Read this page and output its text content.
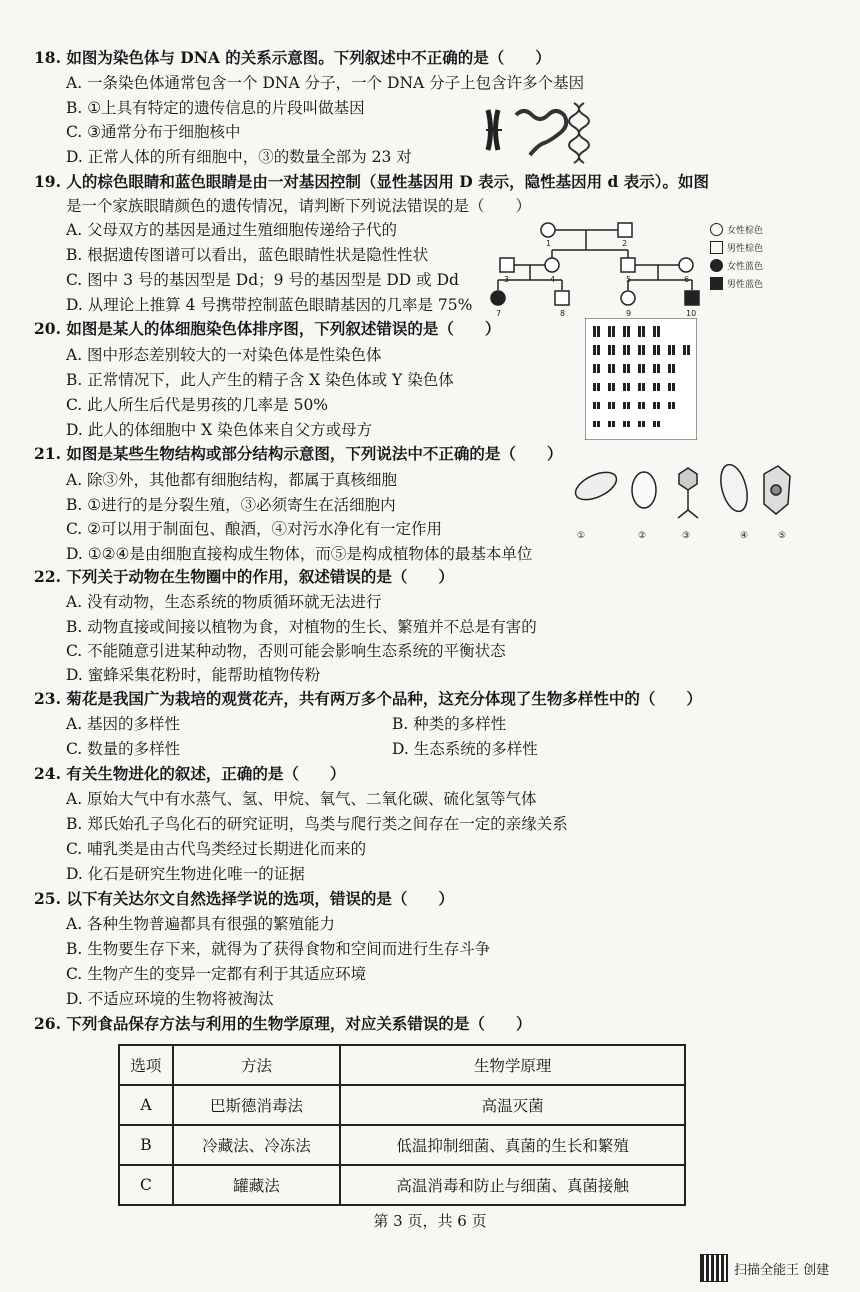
18. 如图为染色体与 DNA 的关系示意图。下列叙述中不正确的是（　　）
A. 一条染色体通常包含一个 DNA 分子，一个 DNA 分子上包含许多个基因
B. ①上具有特定的遗传信息的片段叫做基因
C. ③通常分布于细胞核中
D. 正常人体的所有细胞中，③的数量全部为 23 对
19. 人的棕色眼睛和蓝色眼睛是由一对基因控制（显性基因用 D 表示，隐性基因用 d 表示）。如图
是一个家族眼睛颜色的遗传情况，请判断下列说法错误的是（　　）
A. 父母双方的基因是通过生殖细胞传递给子代的
B. 根据遗传图谱可以看出，蓝色眼睛性状是隐性性状
C. 图中 3 号的基因型是 Dd；9 号的基因型是 DD 或 Dd
D. 从理论上推算 4 号携带控制蓝色眼睛基因的几率是 75%
1	2
3	4	5	6
7	8	9	10
女性棕色
男性棕色
女性蓝色
男性蓝色
20. 如图是某人的体细胞染色体排序图，下列叙述错误的是（　　）
A. 图中形态差别较大的一对染色体是性染色体
B. 正常情况下，此人产生的精子含 X 染色体或 Y 染色体
C. 此人所生后代是男孩的几率是 50%
D. 此人的体细胞中 X 染色体来自父方或母方
21. 如图是某些生物结构或部分结构示意图，下列说法中不正确的是（　　）
A. 除③外，其他都有细胞结构，都属于真核细胞
B. ①进行的是分裂生殖，③必须寄生在活细胞内
C. ②可以用于制面包、酿酒，④对污水净化有一定作用
D. ①②④是由细胞直接构成生物体，而⑤是构成植物体的最基本单位
①	②	③	④	⑤
22. 下列关于动物在生物圈中的作用，叙述错误的是（　　）
A. 没有动物，生态系统的物质循环就无法进行
B. 动物直接或间接以植物为食，对植物的生长、繁殖并不总是有害的
C. 不能随意引进某种动物，否则可能会影响生态系统的平衡状态
D. 蜜蜂采集花粉时，能帮助植物传粉
23. 菊花是我国广为栽培的观赏花卉，共有两万多个品种，这充分体现了生物多样性中的（　　）
A. 基因的多样性	B. 种类的多样性
C. 数量的多样性	D. 生态系统的多样性
24. 有关生物进化的叙述，正确的是（　　）
A. 原始大气中有水蒸气、氢、甲烷、氧气、二氧化碳、硫化氢等气体
B. 郑氏始孔子鸟化石的研究证明，鸟类与爬行类之间存在一定的亲缘关系
C. 哺乳类是由古代鸟类经过长期进化而来的
D. 化石是研究生物进化唯一的证据
25. 以下有关达尔文自然选择学说的选项，错误的是（　　）
A. 各种生物普遍都具有很强的繁殖能力
B. 生物要生存下来，就得为了获得食物和空间而进行生存斗争
C. 生物产生的变异一定都有利于其适应环境
D. 不适应环境的生物将被淘汰
26. 下列食品保存方法与利用的生物学原理，对应关系错误的是（　　）
选项	方法	生物学原理
A	巴斯德消毒法	高温灭菌
B	冷藏法、冷冻法	低温抑制细菌、真菌的生长和繁殖
C	罐藏法	高温消毒和防止与细菌、真菌接触
第 3 页，共 6 页
扫描全能王 创建
